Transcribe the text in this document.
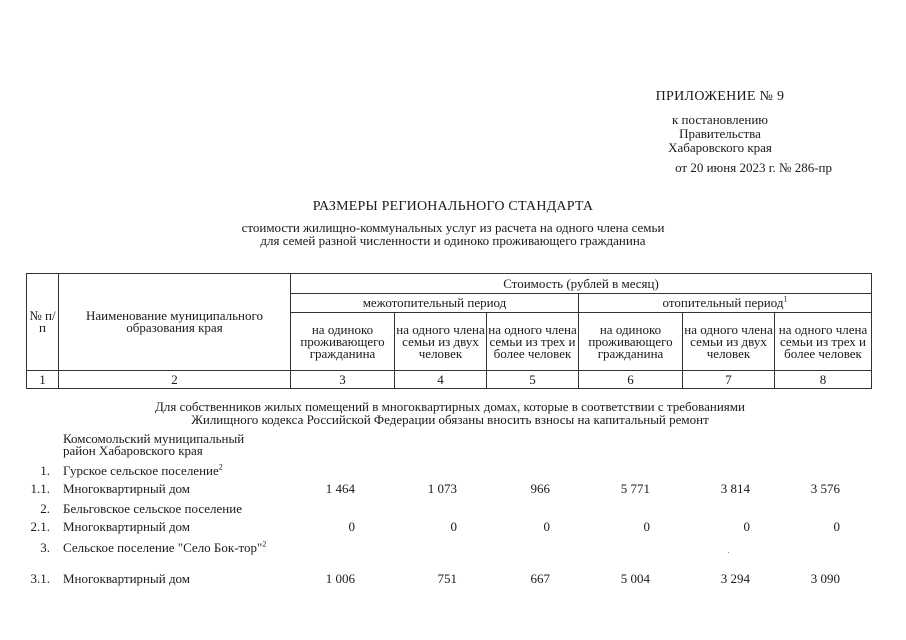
ПРИЛОЖЕНИЕ № 9
к постановлению
Правительства
Хабаровского края
от 20 июня 2023 г. № 286-пр
РАЗМЕРЫ РЕГИОНАЛЬНОГО СТАНДАРТА
стоимости жилищно-коммунальных услуг из расчета на одного члена семьи
для семей разной численности и одиноко проживающего гражданина
№ п/п	Наименование муниципального образования края	Стоимость (рублей в месяц)					
		межотопительный период			отопительный период$^1$
		на одиноко проживающего гражданина	на одного члена семьи из двух человек	на одного члена семьи из трех и более человек	на одиноко проживающего гражданина	на одного члена семьи из двух человек	на одного члена семьи из трех и более человек
1	2	3	4	5	6	7	8
Для собственников жилых помещений в многоквартирных домах, которые в соответствии с требованиями
Жилищного кодекса Российской Федерации обязаны вносить взносы на капитальный ремонт
Комсомольский муниципальный район Хабаровского края
1. Гурское сельское поселение$^2$
1.1. Многоквартирный дом	1 464	1 073	966	5 771	3 814	3 576
2. Бельговское сельское поселение
2.1. Многоквартирный дом	0	0	0	0	0	0
3. Сельское поселение "Село Бок-тор"$^2$
3.1. Многоквартирный дом	1 006	751	667	5 004	3 294	3 090
